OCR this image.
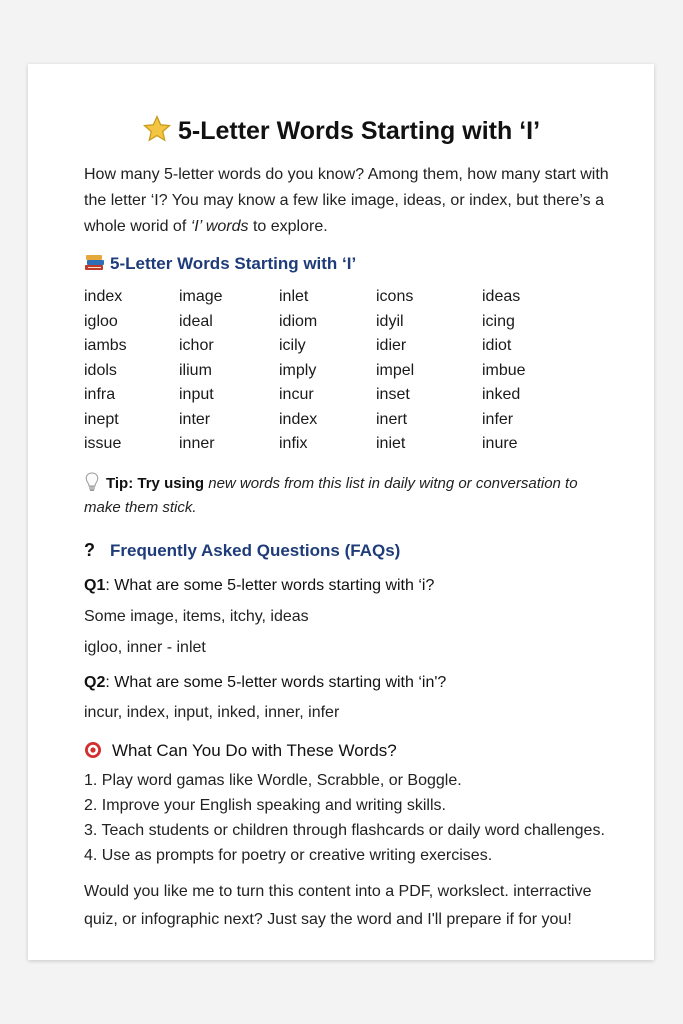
5-Letter Words Starting with ‘I’
How many 5-letter words do you know? Among them, how many start with the letter ‘I? You may know a few like image, ideas, or index, but there’s a whole worid of ‘I’ words to explore.
5-Letter Words Starting with ‘I’
index	image	inlet	icons	ideas
igloo	ideal	idiom	idyil	icing
iambs	ichor	icily	idier	idiot
idols	ilium	imply	impel	imbue
infra	input	incur	inset	inked
inept	inter	index	inert	infer
issue	inner	infix	iniet	inure
Tip: Try using new words from this list in daily witng or conversation to make them stick.
? Frequently Asked Questions (FAQs)
Q1: What are some 5-letter words starting with ‘i?
Some image, items, itchy, ideas
igloo, inner - inlet
Q2: What are some 5-letter words starting with ‘in'?
incur, index, input, inked, inner, infer
What Can You Do with These Words?
1. Play word gamas like Wordle, Scrabble, or Boggle.
2. Improve your English speaking and writing skills.
3. Teach students or children through flashcards or daily word challenges.
4. Use as prompts for poetry or creative writing exercises.
Would you like me to turn this content into a PDF, workslect. interractive quiz, or infographic next? Just say the word and I'll prepare if for you!
